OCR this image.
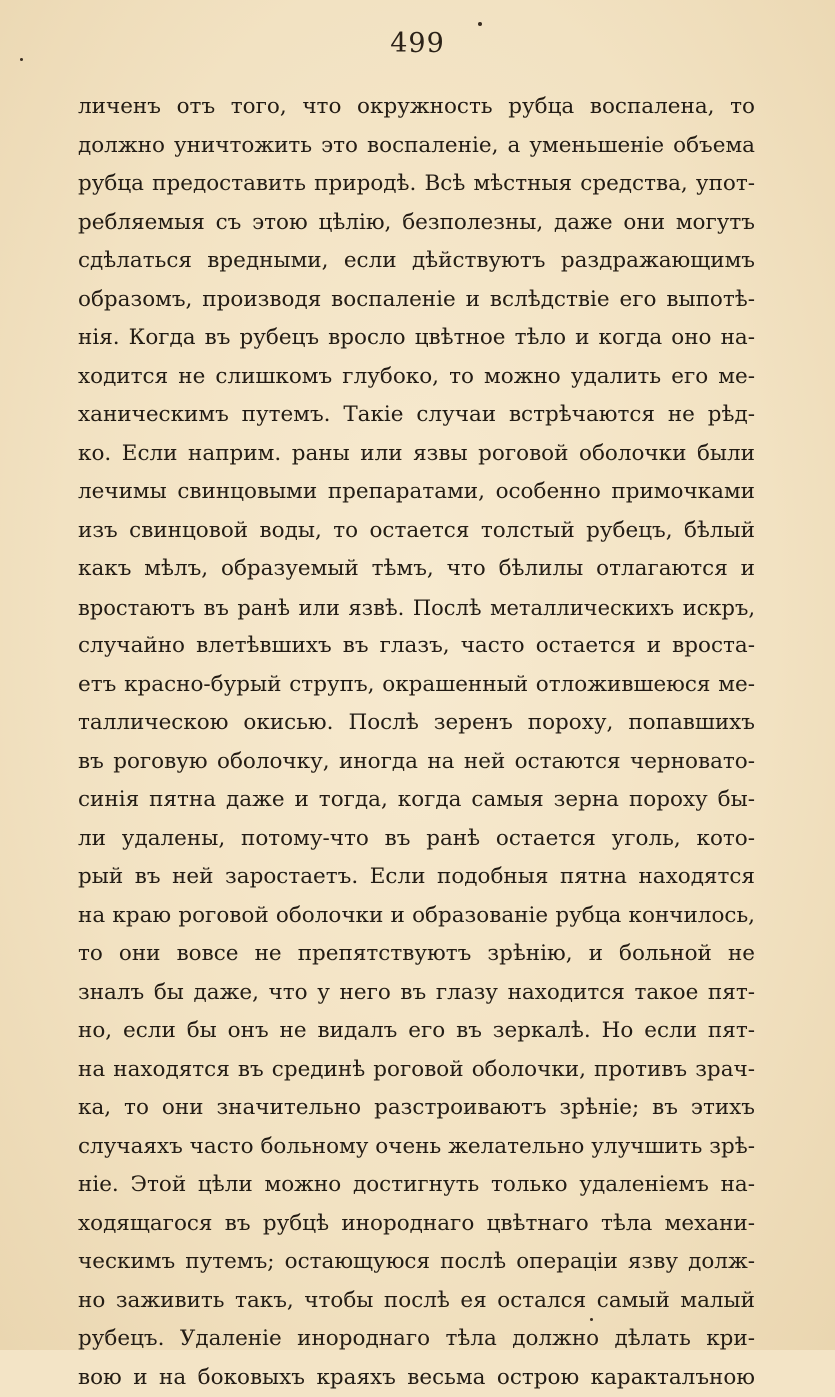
499
личенъ отъ того, что окружность рубца воспалена, то
должно уничтожить это воспаленіе, а уменьшеніе объема
рубца предоставить природѣ. Всѣ мѣстныя средства, упот-
ребляемыя съ этою цѣлію, безполезны, даже они могутъ
сдѣлаться вредными, если дѣйствуютъ раздражающимъ
образомъ, производя воспаленіе и вслѣдствіе его выпотѣ-
нія. Когда въ рубецъ вросло цвѣтное тѣло и когда оно на-
ходится не слишкомъ глубоко, то можно удалить его ме-
ханическимъ путемъ. Такіе случаи встрѣчаются не рѣд-
ко. Если наприм. раны или язвы роговой оболочки были
лечимы свинцовыми препаратами, особенно примочками
изъ свинцовой воды, то остается толстый рубецъ, бѣлый
какъ мѣлъ, образуемый тѣмъ, что бѣлилы отлагаются и
вростаютъ въ ранѣ или язвѣ. Послѣ металлическихъ искръ,
случайно влетѣвшихъ въ глазъ, часто остается и вроста-
етъ красно-бурый струпъ, окрашенный отложившеюся ме-
таллическою окисью. Послѣ зеренъ пороху, попавшихъ
въ роговую оболочку, иногда на ней остаются черновато-
синія пятна даже и тогда, когда самыя зерна пороху бы-
ли удалены, потому-что въ ранѣ остается уголь, кото-
рый въ ней заростаетъ. Если подобныя пятна находятся
на краю роговой оболочки и образованіе рубца кончилось,
то они вовсе не препятствуютъ зрѣнію, и больной не
зналъ бы даже, что у него въ глазу находится такое пят-
но, если бы онъ не видалъ его въ зеркалѣ. Но если пят-
на находятся въ срединѣ роговой оболочки, противъ зрач-
ка, то они значительно разстроиваютъ зрѣніе; въ этихъ
случаяхъ часто больному очень желательно улучшить зрѣ-
ніе. Этой цѣли можно достигнуть только удаленіемъ на-
ходящагося въ рубцѣ инороднаго цвѣтнаго тѣла механи-
ческимъ путемъ; остающуюся послѣ операціи язву долж-
но заживить такъ, чтобы послѣ ея остался самый малый
рубецъ. Удаленіе инороднаго тѣла должно дѣлать кри-
вою и на боковыхъ краяхъ весьма острою каракталъною
